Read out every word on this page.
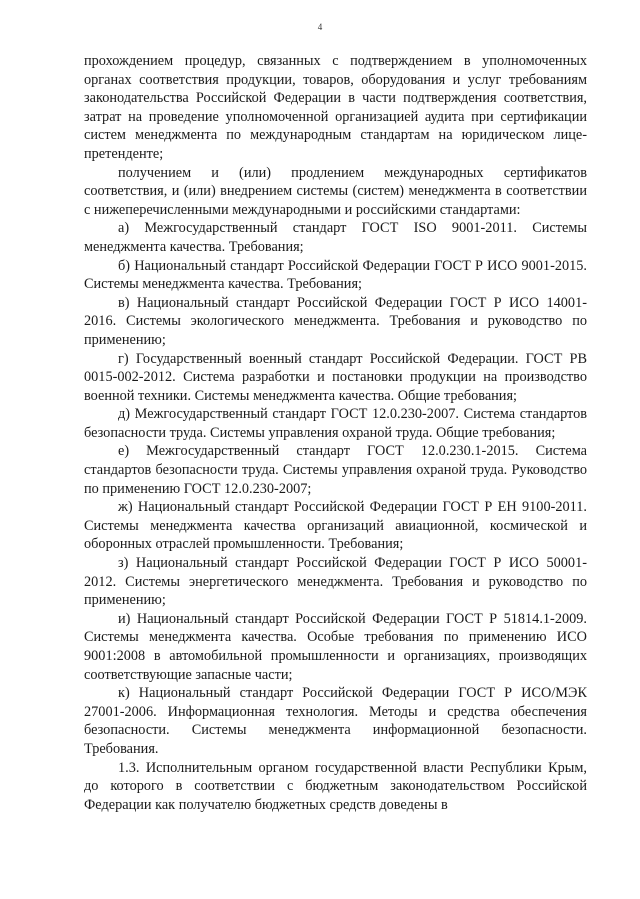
4

прохождением процедур, связанных с подтверждением в уполномоченных органах соответствия продукции, товаров, оборудования и услуг требованиям законодательства Российской Федерации в части подтверждения соответствия, затрат на проведение уполномоченной организацией аудита при сертификации систем менеджмента по международным стандартам на юридическом лице-претенденте;

получением и (или) продлением международных сертификатов соответствия, и (или) внедрением системы (систем) менеджмента в соответствии с нижеперечисленными международными и российскими стандартами:

а) Межгосударственный стандарт ГОСТ ISO 9001-2011. Системы менеджмента качества. Требования;

б) Национальный стандарт Российской Федерации ГОСТ Р ИСО 9001-2015. Системы менеджмента качества. Требования;

в) Национальный стандарт Российской Федерации ГОСТ Р ИСО 14001-2016. Системы экологического менеджмента. Требования и руководство по применению;

г) Государственный военный стандарт Российской Федерации. ГОСТ РВ 0015-002-2012. Система разработки и постановки продукции на производство военной техники. Системы менеджмента качества. Общие требования;

д) Межгосударственный стандарт ГОСТ 12.0.230-2007. Система стандартов безопасности труда. Системы управления охраной труда. Общие требования;

е) Межгосударственный стандарт ГОСТ 12.0.230.1-2015. Система стандартов безопасности труда. Системы управления охраной труда. Руководство по применению ГОСТ 12.0.230-2007;

ж) Национальный стандарт Российской Федерации ГОСТ Р ЕН 9100-2011. Системы менеджмента качества организаций авиационной, космической и оборонных отраслей промышленности. Требования;

з) Национальный стандарт Российской Федерации ГОСТ Р ИСО 50001-2012. Системы энергетического менеджмента. Требования и руководство по применению;

и) Национальный стандарт Российской Федерации ГОСТ Р 51814.1-2009. Системы менеджмента качества. Особые требования по применению ИСО 9001:2008 в автомобильной промышленности и организациях, производящих соответствующие запасные части;

к) Национальный стандарт Российской Федерации ГОСТ Р ИСО/МЭК 27001-2006. Информационная технология. Методы и средства обеспечения безопасности. Системы менеджмента информационной безопасности. Требования.

1.3. Исполнительным органом государственной власти Республики Крым, до которого в соответствии с бюджетным законодательством Российской Федерации как получателю бюджетных средств доведены в
